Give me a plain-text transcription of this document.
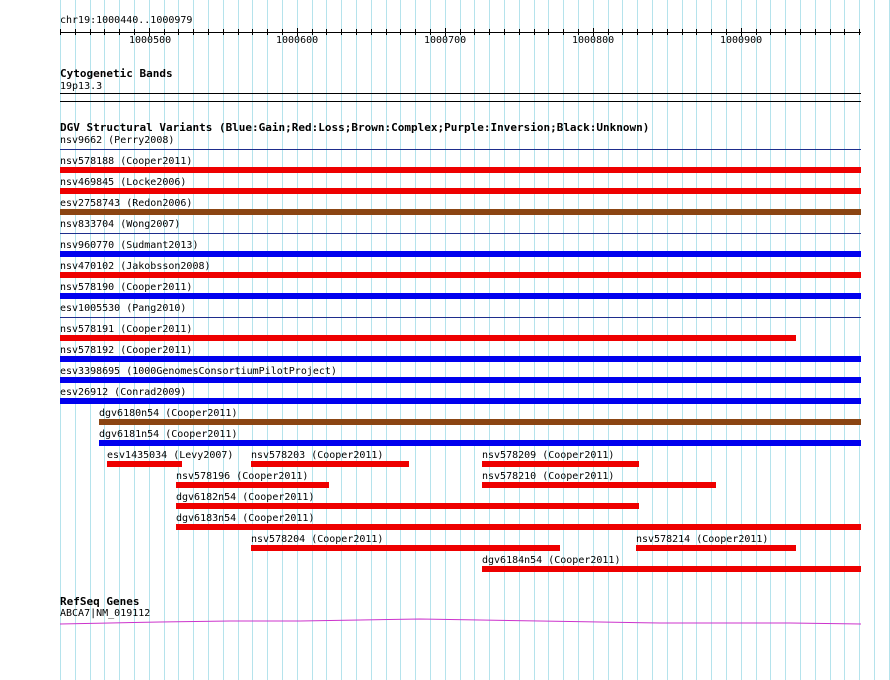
chr19:1000440..1000979
1000500	1000600	1000700	1000800	1000900
Cytogenetic Bands
19p13.3
DGV Structural Variants (Blue:Gain;Red:Loss;Brown:Complex;Purple:Inversion;Black:Unknown)
nsv9662 (Perry2008)
nsv578188 (Cooper2011)
nsv469845 (Locke2006)
esv2758743 (Redon2006)
nsv833704 (Wong2007)
nsv960770 (Sudmant2013)
nsv470102 (Jakobsson2008)
nsv578190 (Cooper2011)
esv1005530 (Pang2010)
nsv578191 (Cooper2011)
nsv578192 (Cooper2011)
esv3398695 (1000GenomesConsortiumPilotProject)
esv26912 (Conrad2009)
dgv6180n54 (Cooper2011)
dgv6181n54 (Cooper2011)
esv1435034 (Levy2007) nsv578203 (Cooper2011)	nsv578209 (Cooper2011)
nsv578196 (Cooper2011)	nsv578210 (Cooper2011)
dgv6182n54 (Cooper2011)
dgv6183n54 (Cooper2011)
nsv578204 (Cooper2011)	nsv578214 (Cooper2011)
dgv6184n54 (Cooper2011)
RefSeq Genes
ABCA7|NM_019112
